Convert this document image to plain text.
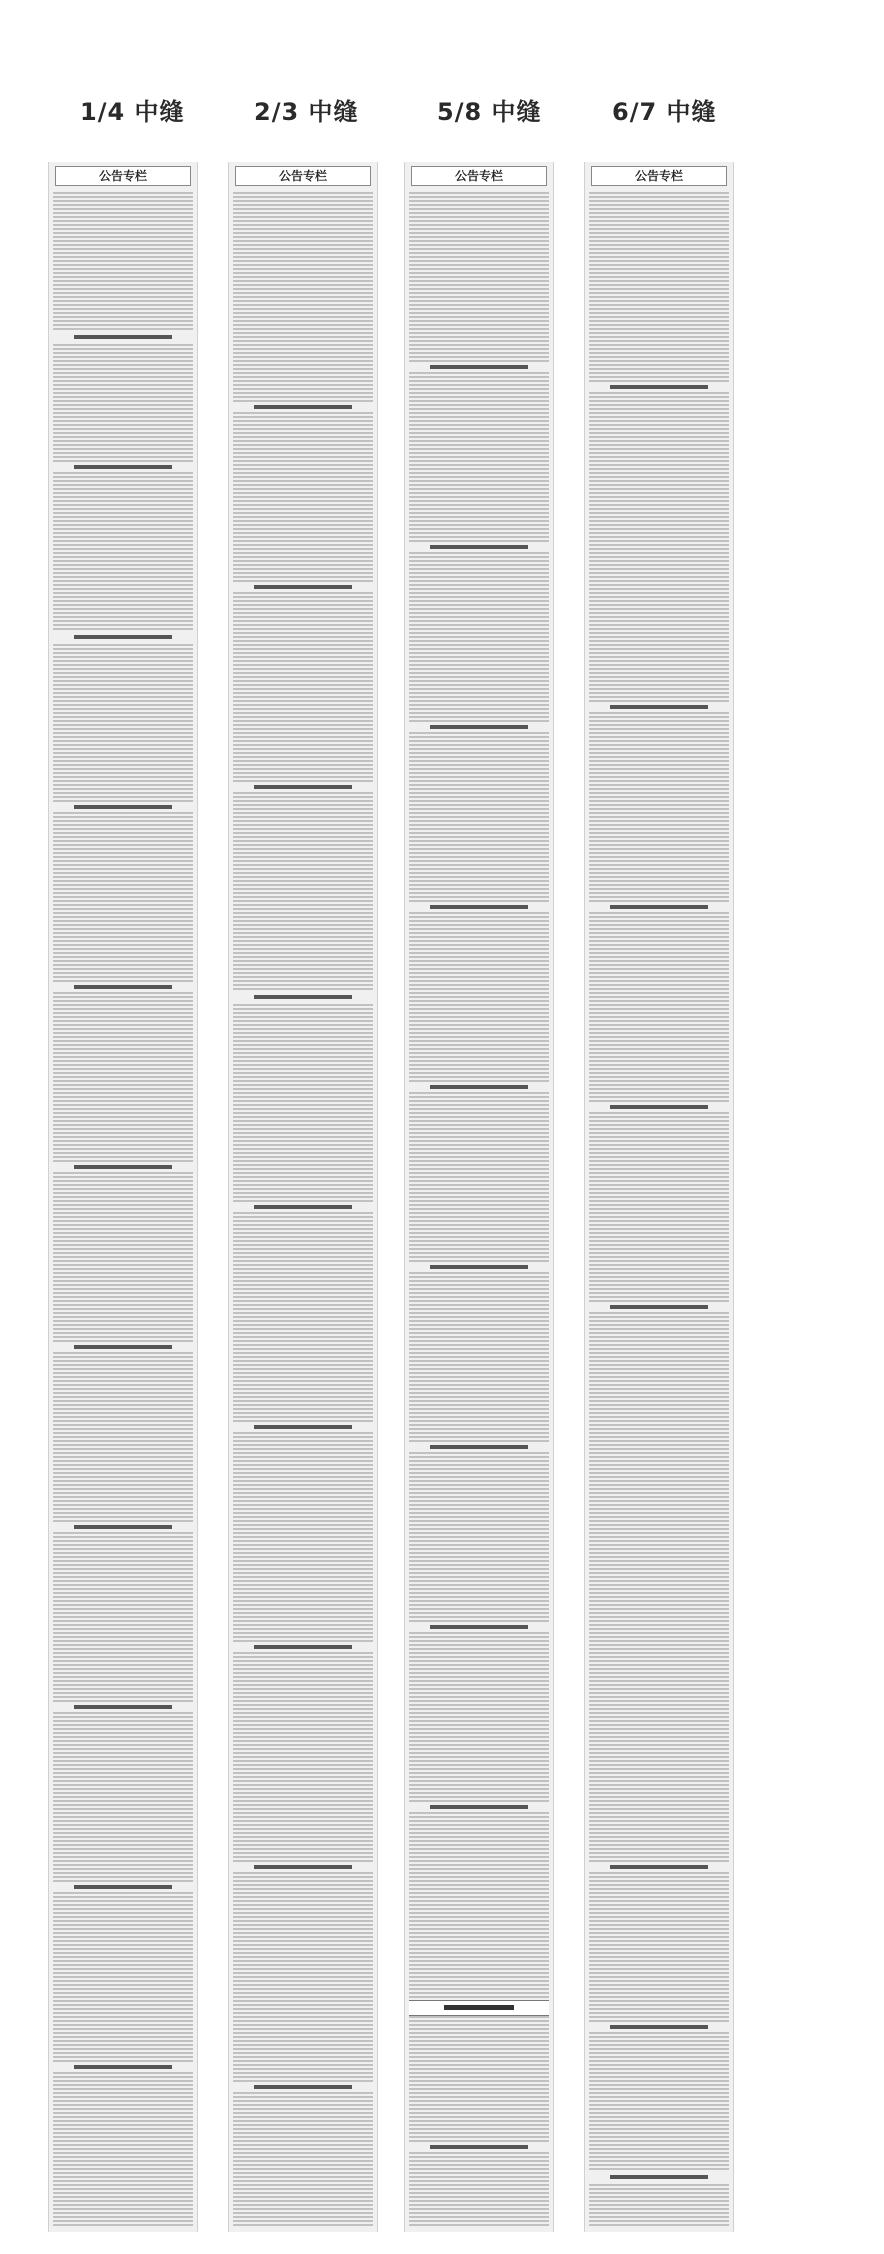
1/4 中缝	2/3 中缝	5/8 中缝	6/7 中缝
公告专栏	公告专栏	公告专栏	公告专栏
